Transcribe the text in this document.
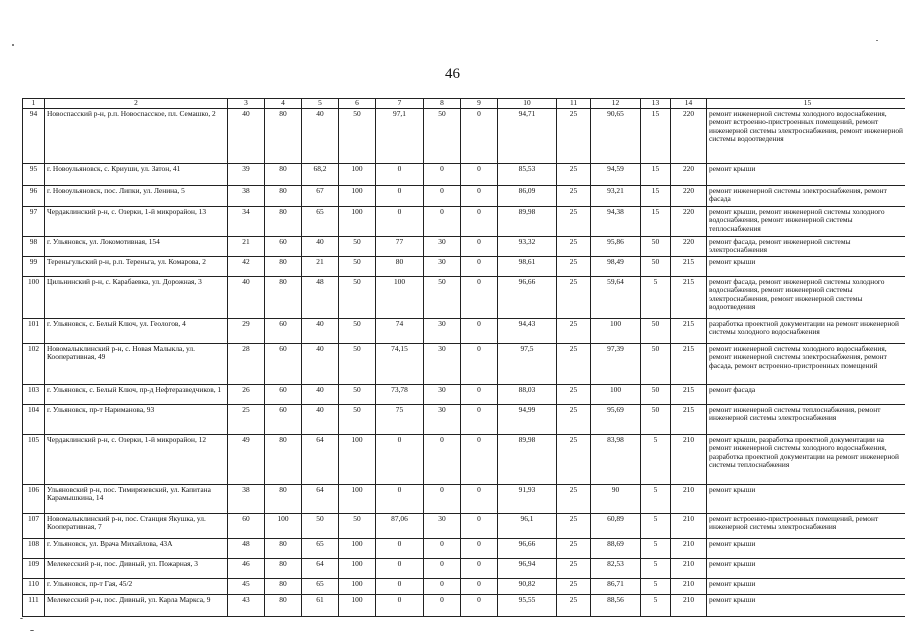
46
1	2	3	4	5	6	7	8	9	10	11	12	13	14	15
94	Новоспасский р-н, р.п. Новоспасское, пл. Семашко, 2	40	80	40	50	97,1	50	0	94,71	25	90,65	15	220	ремонт инженерной системы холодного водоснабжения, ремонт встроенно-пристроенных помещений, ремонт инженерной системы электроснабжения, ремонт инженерной системы водоотведения
95	г. Новоульяновск, с. Криуши, ул. Затон, 41	39	80	68,2	100	0	0	0	85,53	25	94,59	15	220	ремонт крыши
96	г. Новоульяновск, пос. Липки, ул. Ленина, 5	38	80	67	100	0	0	0	86,09	25	93,21	15	220	ремонт инженерной системы электроснабжения, ремонт фасада
97	Чердаклинский р-н, с. Озерки, 1-й микрорайон, 13	34	80	65	100	0	0	0	89,98	25	94,38	15	220	ремонт крыши, ремонт инженерной системы холодного водоснабжения, ремонт инженерной системы теплоснабжения
98	г. Ульяновск, ул. Локомотивная, 154	21	60	40	50	77	30	0	93,32	25	95,86	50	220	ремонт фасада, ремонт инженерной системы электроснабжения
99	Тереньгульский р-н, р.п. Тереньга, ул. Комарова, 2	42	80	21	50	80	30	0	98,61	25	98,49	50	215	ремонт крыши
100	Цильнинский р-н, с. Карабаевка, ул. Дорожная, 3	40	80	48	50	100	50	0	96,66	25	59,64	5	215	ремонт фасада, ремонт инженерной системы холодного водоснабжения, ремонт инженерной системы электроснабжения, ремонт инженерной системы водоотведения
101	г. Ульяновск, с. Белый Ключ, ул. Геологов, 4	29	60	40	50	74	30	0	94,43	25	100	50	215	разработка проектной документации на ремонт инженерной системы холодного водоснабжения
102	Новомалыклинский р-н, с. Новая Малыкла, ул. Кооперативная, 49	28	60	40	50	74,15	30	0	97,5	25	97,39	50	215	ремонт инженерной системы холодного водоснабжения, ремонт инженерной системы электроснабжения, ремонт фасада, ремонт встроенно-пристроенных помещений
103	г. Ульяновск, с. Белый Ключ, пр-д Нефтеразведчиков, 1	26	60	40	50	73,78	30	0	88,03	25	100	50	215	ремонт фасада
104	г. Ульяновск, пр-т Нариманова, 93	25	60	40	50	75	30	0	94,99	25	95,69	50	215	ремонт инженерной системы теплоснабжения, ремонт инженерной системы электроснабжения
105	Чердаклинский р-н, с. Озерки, 1-й микрорайон, 12	49	80	64	100	0	0	0	89,98	25	83,98	5	210	ремонт крыши, разработка проектной документации на ремонт инженерной системы холодного водоснабжения, разработка проектной документации на ремонт инженерной системы теплоснабжения
106	Ульяновский р-н, пос. Тимирязевский, ул. Капитана Карамышкина, 14	38	80	64	100	0	0	0	91,93	25	90	5	210	ремонт крыши
107	Новомалыклинский р-н, пос. Станция Якушка, ул. Кооперативная, 7	60	100	50	50	87,06	30	0	96,1	25	60,89	5	210	ремонт встроенно-пристроенных помещений, ремонт инженерной системы электроснабжения
108	г. Ульяновск, ул. Врача Михайлова, 43А	48	80	65	100	0	0	0	96,66	25	88,69	5	210	ремонт крыши
109	Мелекесский р-н, пос. Дивный, ул. Пожарная, 3	46	80	64	100	0	0	0	96,94	25	82,53	5	210	ремонт крыши
110	г. Ульяновск, пр-т Гая, 45/2	45	80	65	100	0	0	0	90,82	25	86,71	5	210	ремонт крыши
111	Мелекесский р-н, пос. Дивный, ул. Карла Маркса, 9	43	80	61	100	0	0	0	95,55	25	88,56	5	210	ремонт крыши
